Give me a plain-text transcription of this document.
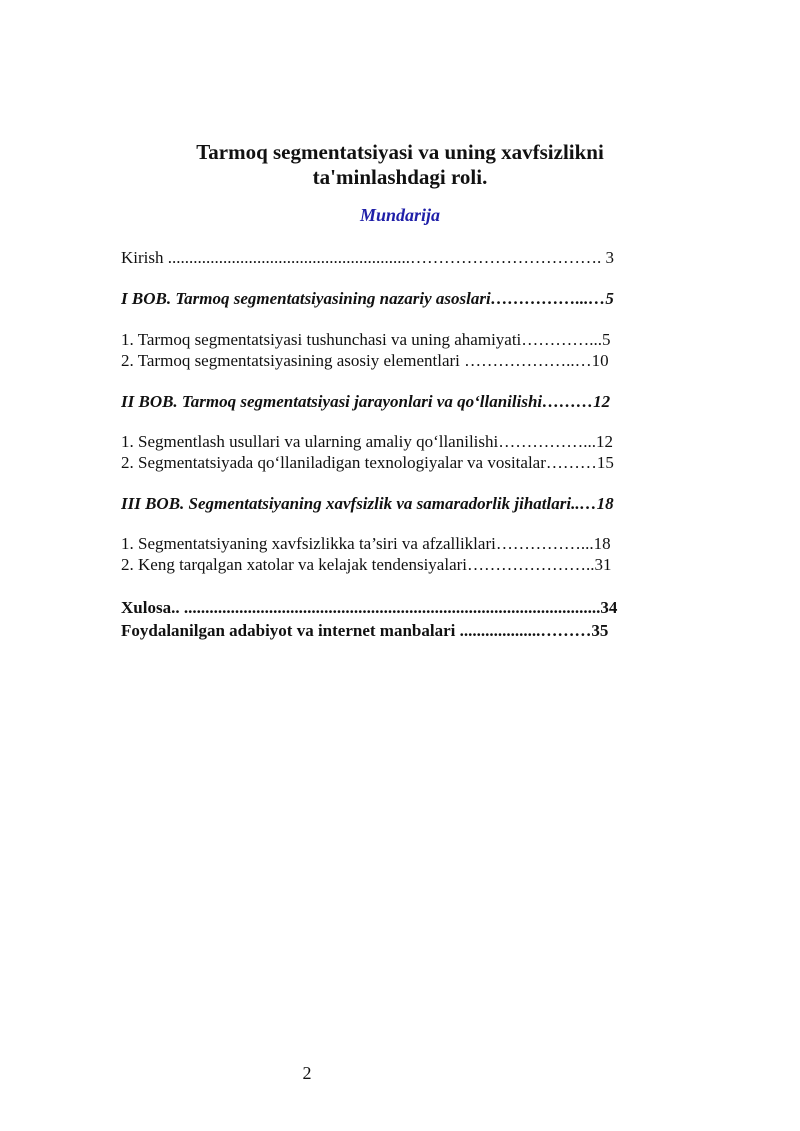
Tarmoq segmentatsiyasi va uning xavfsizlikni
ta'minlashdagi roli.
Mundarija
Kirish .........................................................……………………………. 3
I BOB. Tarmoq segmentatsiyasining nazariy asoslari……………...…5
1. Tarmoq segmentatsiyasi tushunchasi va uning ahamiyati…………...5
2. Tarmoq segmentatsiyasining asosiy elementlari ………………..…10
II BOB. Tarmoq segmentatsiyasi jarayonlari va qo‘llanilishi………12
1. Segmentlash usullari va ularning amaliy qo‘llanilishi……………...12
2. Segmentatsiyada qo‘llaniladigan texnologiyalar va vositalar………15
III BOB. Segmentatsiyaning xavfsizlik va samaradorlik jihatlari..…18
1. Segmentatsiyaning xavfsizlikka ta’siri va afzalliklari……………...18
2. Keng tarqalgan xatolar va kelajak tendensiyalari…………………..31
Xulosa.. ..................................................................................................34
Foydalanilgan adabiyot va internet manbalari ...................………35
2
